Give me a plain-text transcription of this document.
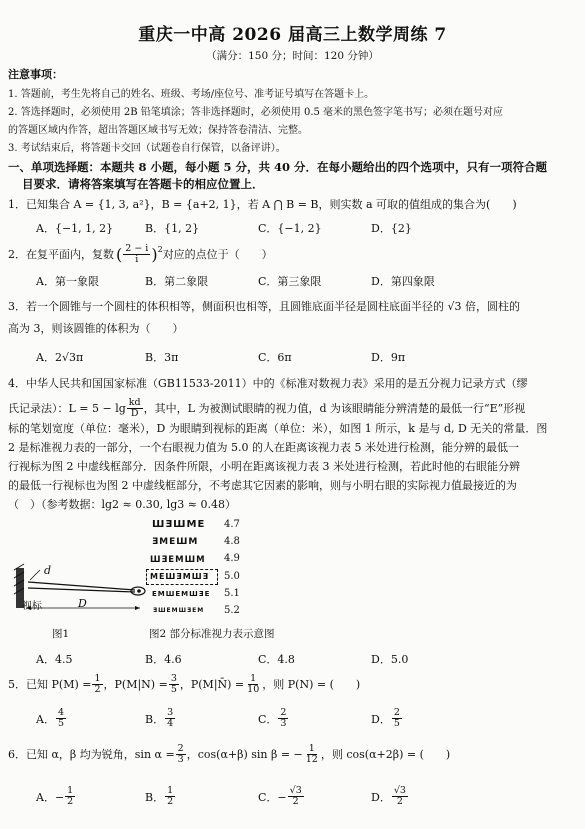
重庆一中高 2026 届高三上数学周练 7
（满分：150 分；时间：120 分钟）
注意事项：
1. 答题前，考生先将自己的姓名、班级、考场/座位号、准考证号填写在答题卡上。
2. 答选择题时，必须使用 2B 铅笔填涂；答非选择题时，必须使用 0.5 毫米的黑色签字笔书写；必须在题号对应
的答题区域内作答，超出答题区域书写无效；保持答卷清洁、完整。
3. 考试结束后，将答题卡交回（试题卷自行保管，以备评讲）。
一、单项选择题：本题共 8 小题，每小题 5 分，共 40 分．在每小题给出的四个选项中，只有一项符合题
目要求．请将答案填写在答题卡的相应位置上．
1．已知集合 A = {1, 3, a²}，B = {a+2, 1}，若 A ⋂ B = B，则实数 a 可取的值组成的集合为(　　)
A．{−1, 1, 2}	B．{1, 2}	C．{−1, 2}	D．{2}
2．在复平面内，复数 ( $\frac{2 - i}{i}$ ) 2 对应的点位于（　　）
A．第一象限	B．第二象限	C．第三象限	D．第四象限
3．若一个圆锥与一个圆柱的体积相等，侧面积也相等，且圆锥底面半径是圆柱底面半径的 √3 倍，圆柱的
高为 3，则该圆锥的体积为（　　）
A．2√3π	B．3π	C．6π	D．9π
4．中华人民共和国国家标准（GB11533-2011）中的《标准对数视力表》采用的是五分视力记录方式（缪
氏记录法）：$L = 5 - \lg \frac{kd}{D}$ ，其中，L 为被测试眼睛的视力值，d 为该眼睛能分辨清楚的最低一行“E”形视
标的笔划宽度（单位：毫米），D 为眼睛到视标的距离（单位：米），如图 1 所示，k 是与 d, D 无关的常量．图
2 是标准视力表的一部分，一个右眼视力值为 5.0 的人在距离该视力表 5 米处进行检测，能分辨的最低一
行视标为图 2 中虚线框部分．因条件所限，小明在距离该视力表 3 米处进行检测，若此时他的右眼能分辨
的最低一行视标也为图 2 中虚线框部分，不考虑其它因素的影响，则与小明右眼的实际视力值最接近的为
（　）（参考数据：lg2 ≈ 0.30, lg3 ≈ 0.48）
d
视标	D
图1
ШƎШМЕ 4.7
ƎМЕШМ	4.8
ШƎЕМШМ 4.9
МЕШƎМШƎ 5.0
ЕМШЕМШƎЕ 5.1
ƎШЕМШƎЕМ 5.2
图2 部分标准视力表示意图
A．4.5	B．4.6	C．4.8	D．5.0
5．已知 $P(M) = \frac{1}{2}$ ，$P(M|N) = \frac{3}{5}$ ，P(M|N̄) = $\frac{1}{10}$ ，则 P(N) = (　　)
A． $\frac{4}{5}$	B． $\frac{3}{4}$	C． $\frac{2}{3}$	D． $\frac{2}{5}$
6．已知 α，β 均为锐角，$\sin \alpha = \frac{2}{3}$ ，cos(α+β) sin β = − $\frac{1}{12}$ ，则 cos(α+2β) = (　　)
A．− $\frac{1}{2}$	B． $\frac{1}{2}$	C．− $\frac{√3}{2}$	D． $\frac{√3}{2}$
